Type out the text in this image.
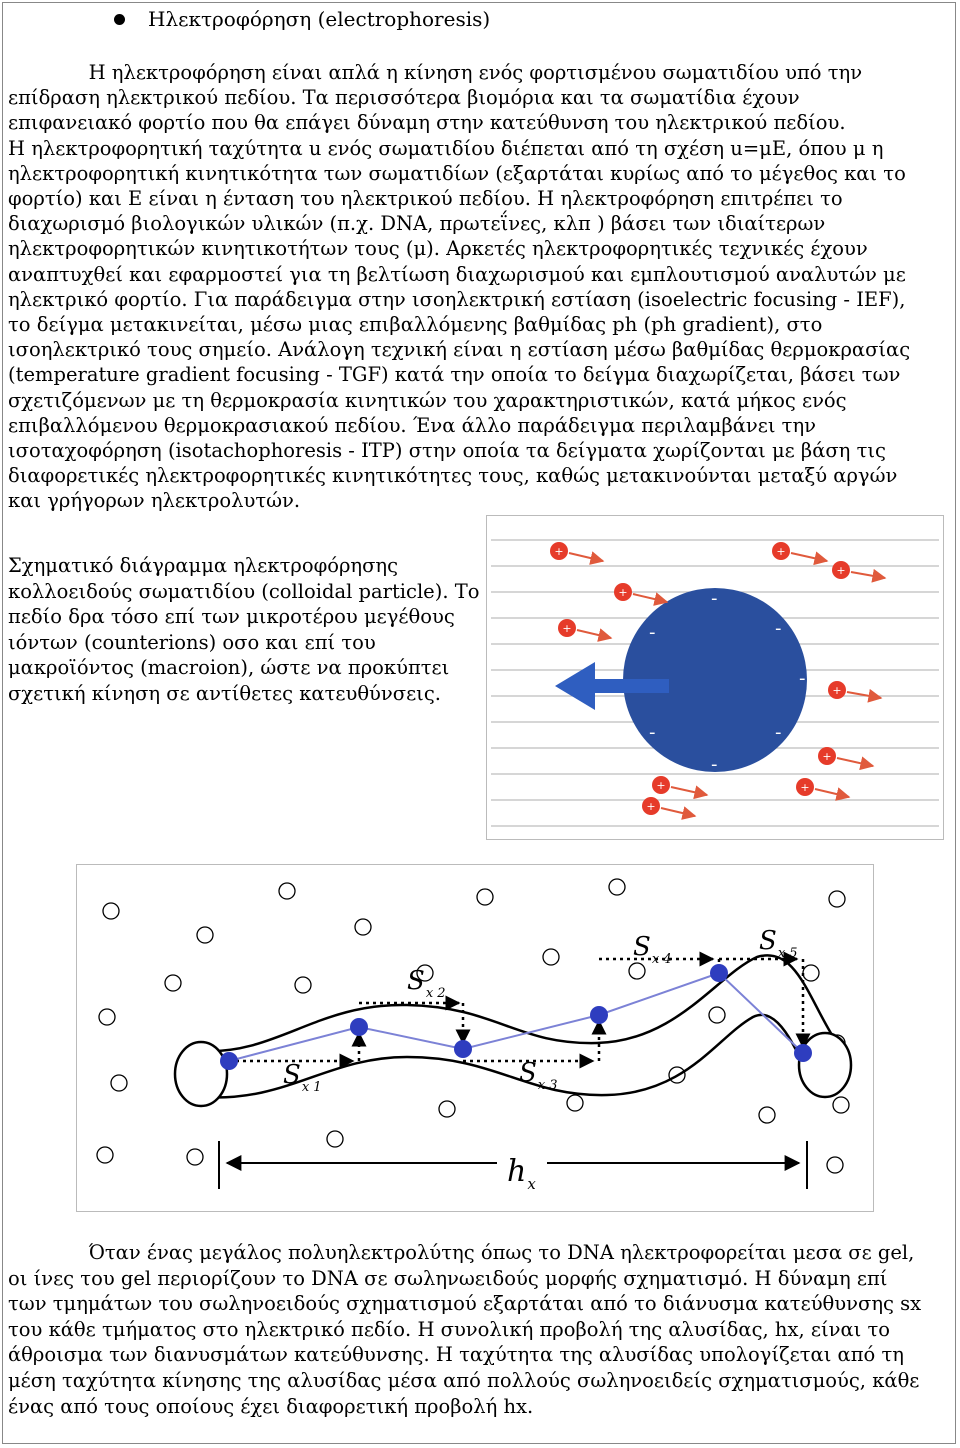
Ηλεκτροφόρηση (electrophoresis)
Η ηλεκτροφόρηση είναι απλά η κίνηση ενός φορτισμένου σωματιδίου υπό την
επίδραση ηλεκτρικού πεδίου. Τα περισσότερα βιομόρια και τα σωματίδια έχουν
επιφανειακό φορτίο που θα επάγει δύναμη στην κατεύθυνση του ηλεκτρικού πεδίου.
Η ηλεκτροφορητική ταχύτητα u ενός σωματιδίου διέπεται από τη σχέση u=μE, όπου μ η
ηλεκτροφορητική κινητικότητα των σωματιδίων (εξαρτάται κυρίως από το μέγεθος και το
φορτίο) και E είναι η ένταση του ηλεκτρικού πεδίου. Η ηλεκτροφόρηση επιτρέπει το
διαχωρισμό βιολογικών υλικών (π.χ. DNA, πρωτεΐνες, κλπ ) βάσει των ιδιαίτερων
ηλεκτροφορητικών κινητικοτήτων τους (μ). Αρκετές ηλεκτροφορητικές τεχνικές έχουν
αναπτυχθεί και εφαρμοστεί για τη βελτίωση διαχωρισμού και εμπλουτισμού αναλυτών με
ηλεκτρικό φορτίο. Για παράδειγμα στην ισοηλεκτρική εστίαση (isoelectric focusing - IEF),
το δείγμα μετακινείται, μέσω μιας επιβαλλόμενης βαθμίδας ph (ph gradient), στο
ισοηλεκτρικό τους σημείο. Ανάλογη τεχνική είναι η εστίαση μέσω βαθμίδας θερμοκρασίας
(temperature gradient focusing - TGF) κατά την οποία το δείγμα διαχωρίζεται, βάσει των
σχετιζόμενων με τη θερμοκρασία κινητικών του χαρακτηριστικών, κατά μήκος ενός
επιβαλλόμενου θερμοκρασιακού πεδίου. Ένα άλλο παράδειγμα περιλαμβάνει την
ισοταχοφόρηση (isotachophoresis - ITP) στην οποία τα δείγματα χωρίζονται με βάση τις
διαφορετικές ηλεκτροφορητικές κινητικότητες τους, καθώς μετακινούνται μεταξύ αργών
και γρήγορων ηλεκτρολυτών.
Σχηματικό διάγραμμα ηλεκτροφόρησης
κολλοειδούς σωματιδίου (colloidal particle). Το
πεδίο δρα τόσο επί των μικροτέρου μεγέθους
ιόντων (counterions) οσο και επί του
μακροϊόντος (macroion), ώστε να προκύπτει
σχετική κίνηση σε αντίθετες κατευθύνσεις.
-
-	-
-
-	-
-
+	+
+
+
+
+
+
+	+
+
$S_{x 1}$
$S_{x 2}$
$S_{x 3}$
$S_{x 4}$
$S_{x 5}$
$h_x$
Όταν ένας μεγάλος πολυηλεκτρολύτης όπως το DNA ηλεκτροφορείται μεσα σε gel,
οι ίνες του gel περιορίζουν το DNA σε σωληνωειδούς μορφής σχηματισμό. Η δύναμη επί
των τμημάτων του σωληνοειδούς σχηματισμού εξαρτάται από το διάνυσμα κατεύθυνσης sx
του κάθε τμήματος στο ηλεκτρικό πεδίο. Η συνολική προβολή της αλυσίδας, hx, είναι το
άθροισμα των διανυσμάτων κατεύθυνσης. Η ταχύτητα της αλυσίδας υπολογίζεται από τη
μέση ταχύτητα κίνησης της αλυσίδας μέσα από πολλούς σωληνοειδείς σχηματισμούς, κάθε
ένας από τους οποίους έχει διαφορετική προβολή hx.
